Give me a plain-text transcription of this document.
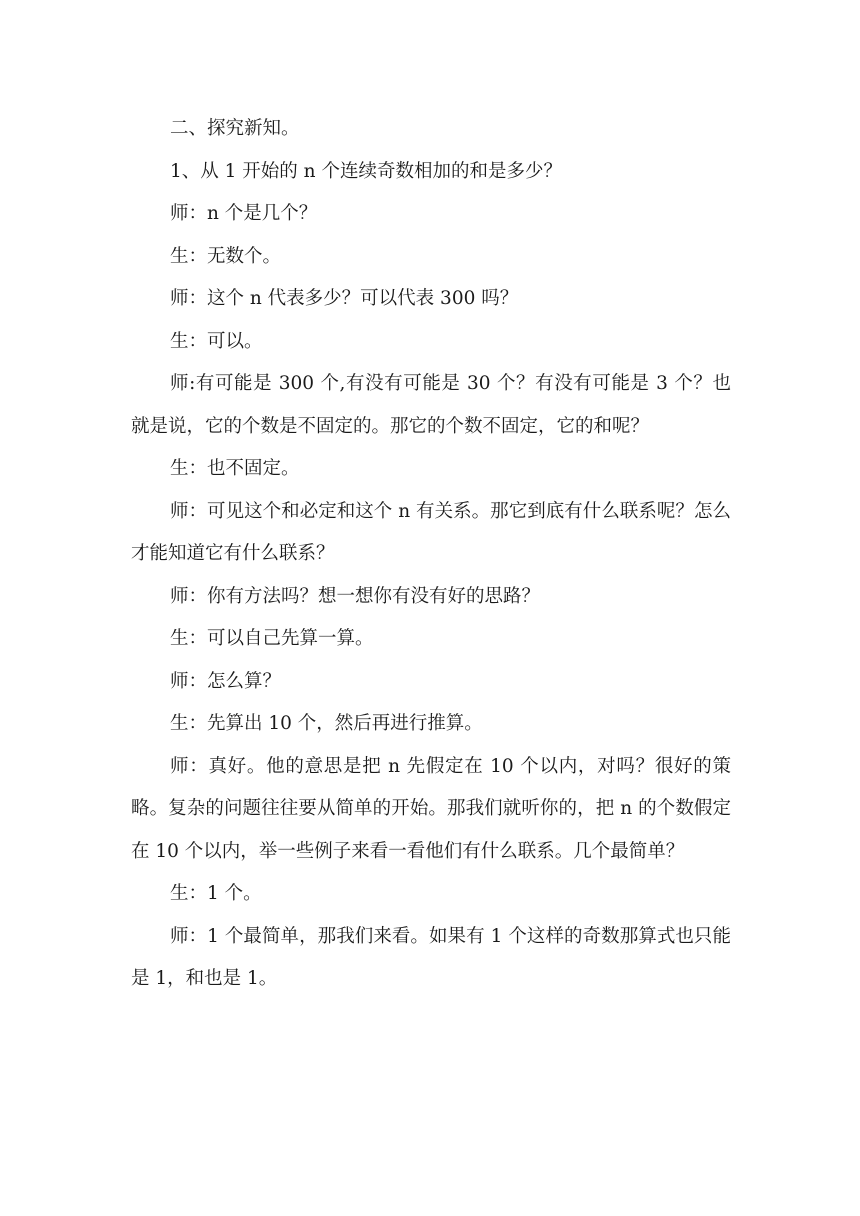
二、探究新知。

1、从 1 开始的 n 个连续奇数相加的和是多少？

师：n 个是几个？

生：无数个。

师：这个 n 代表多少？可以代表 300 吗？

生：可以。

师:有可能是 300 个,有没有可能是 30 个？有没有可能是 3 个？也就是说，它的个数是不固定的。那它的个数不固定，它的和呢？

生：也不固定。

师：可见这个和必定和这个 n 有关系。那它到底有什么联系呢？怎么才能知道它有什么联系？

师：你有方法吗？想一想你有没有好的思路？

生：可以自己先算一算。

师：怎么算？

生：先算出 10 个，然后再进行推算。

师：真好。他的意思是把 n 先假定在 10 个以内，对吗？很好的策略。复杂的问题往往要从简单的开始。那我们就听你的，把 n 的个数假定在 10 个以内，举一些例子来看一看他们有什么联系。几个最简单？

生：1 个。

师：1 个最简单，那我们来看。如果有 1 个这样的奇数那算式也只能是 1，和也是 1。
